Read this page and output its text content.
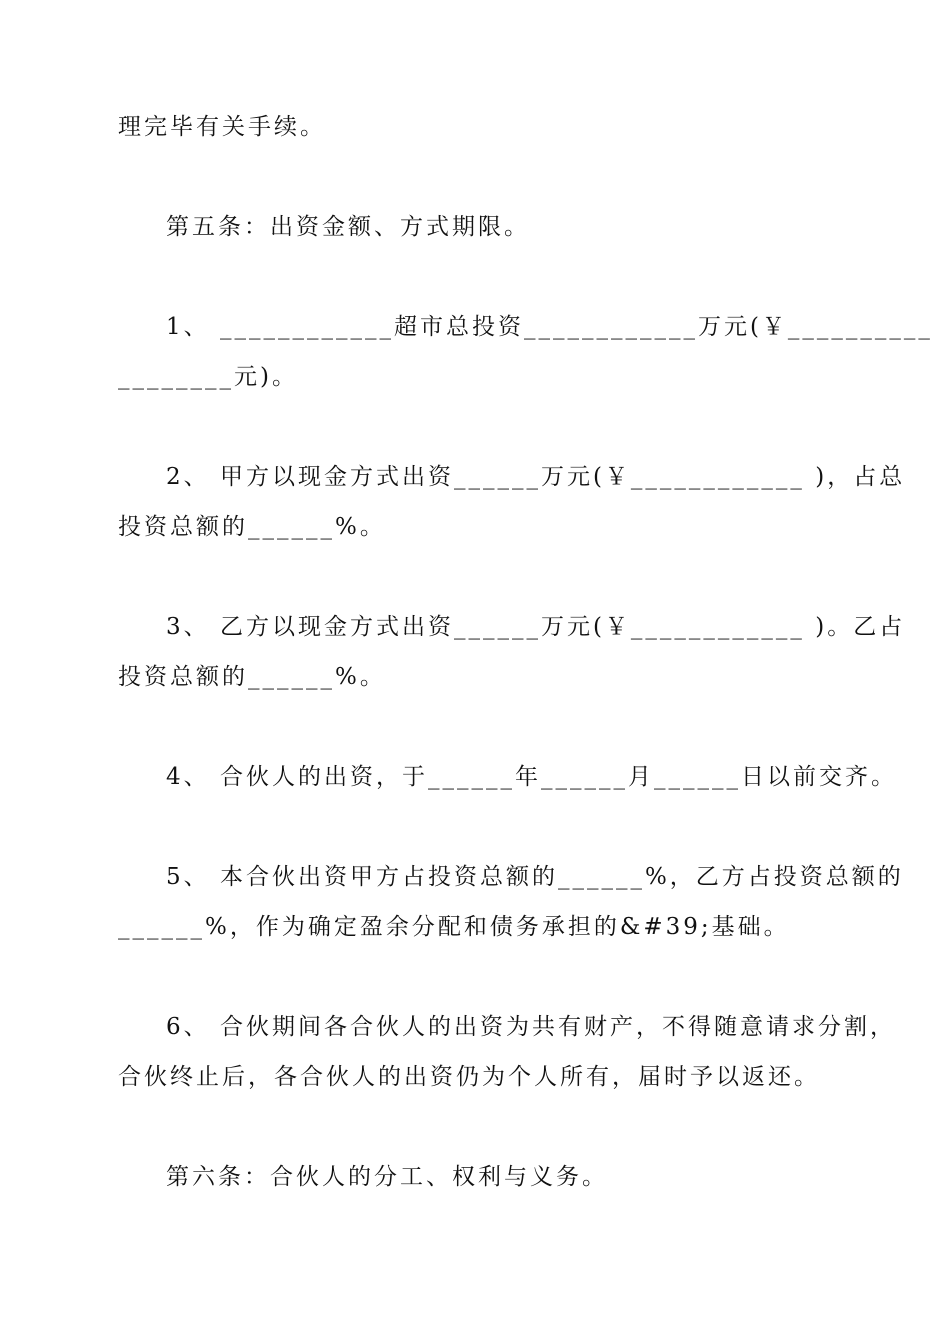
理完毕有关手续。
第五条：出资金额、方式期限。
1、 ____________超市总投资____________万元(￥__________
________元)。
2、 甲方以现金方式出资______万元(￥____________ )，占总
投资总额的______%。
3、 乙方以现金方式出资______万元(￥____________ )。乙占
投资总额的______%。
4、 合伙人的出资，于______年______月______日以前交齐。
5、 本合伙出资甲方占投资总额的______%，乙方占投资总额的
______%，作为确定盈余分配和债务承担的&#39;基础。
6、 合伙期间各合伙人的出资为共有财产，不得随意请求分割，
合伙终止后，各合伙人的出资仍为个人所有，届时予以返还。
第六条：合伙人的分工、权利与义务。
